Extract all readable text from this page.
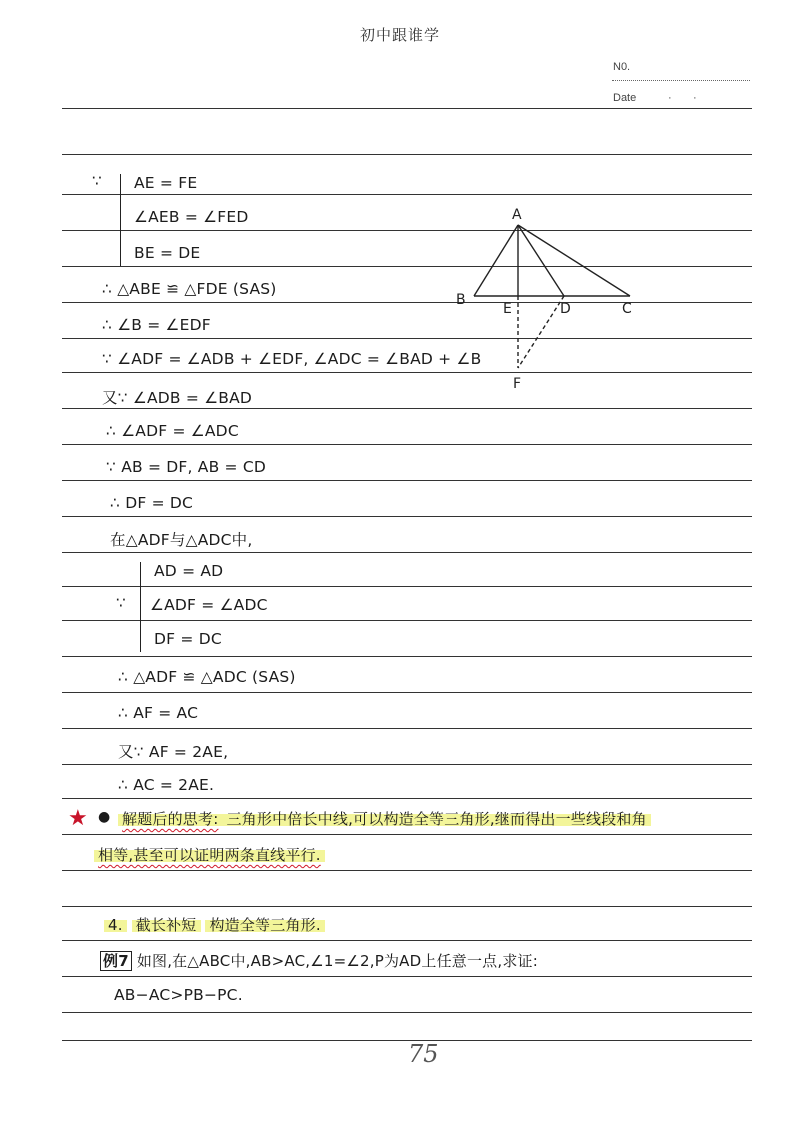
初中跟谁学
N0.
Date	·       ·
∵ AE = FE
∠AEB = ∠FED
BE = DE
∴ △ABE ≌ △FDE (SAS)
∴ ∠B = ∠EDF
∵ ∠ADF = ∠ADB + ∠EDF, ∠ADC = ∠BAD + ∠B
又∵ ∠ADB = ∠BAD
∴ ∠ADF = ∠ADC
∵ AB = DF, AB = CD
∴ DF = DC
在△ADF与△ADC中,
∵
AD = AD
∠ADF = ∠ADC
DF = DC
∴ △ADF ≌ △ADC (SAS)
∴ AF = AC
又∵ AF = 2AE,
∴ AC = 2AE.
★ ● 解题后的思考: 三角形中倍长中线,可以构造全等三角形,继而得出一些线段和角
相等,甚至可以证明两条直线平行.
4. 截长补短 构造全等三角形.
例7 如图,在△ABC中,AB>AC,∠1=∠2,P为AD上任意一点,求证:
AB−AC>PB−PC.
75
A
B
E	D	C
F
